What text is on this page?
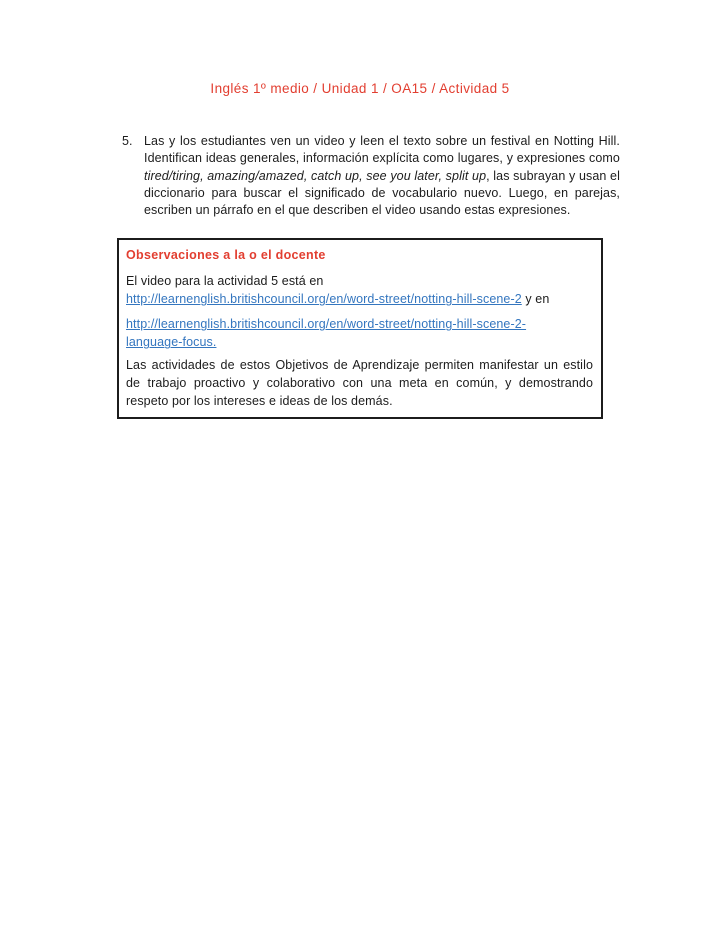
Inglés 1º medio / Unidad 1 / OA15 / Actividad 5
5. Las y los estudiantes ven un video y leen el texto sobre un festival en Notting Hill. Identifican ideas generales, información explícita como lugares, y expresiones como tired/tiring, amazing/amazed, catch up, see you later, split up, las subrayan y usan el diccionario para buscar el significado de vocabulario nuevo. Luego, en parejas, escriben un párrafo en el que describen el video usando estas expresiones.

Observaciones a la o el docente

El video para la actividad 5 está en
http://learnenglish.britishcouncil.org/en/word-street/notting-hill-scene-2 y en

http://learnenglish.britishcouncil.org/en/word-street/notting-hill-scene-2-
language-focus.

Las actividades de estos Objetivos de Aprendizaje permiten manifestar un estilo de trabajo proactivo y colaborativo con una meta en común, y demostrando respeto por los intereses e ideas de los demás.
